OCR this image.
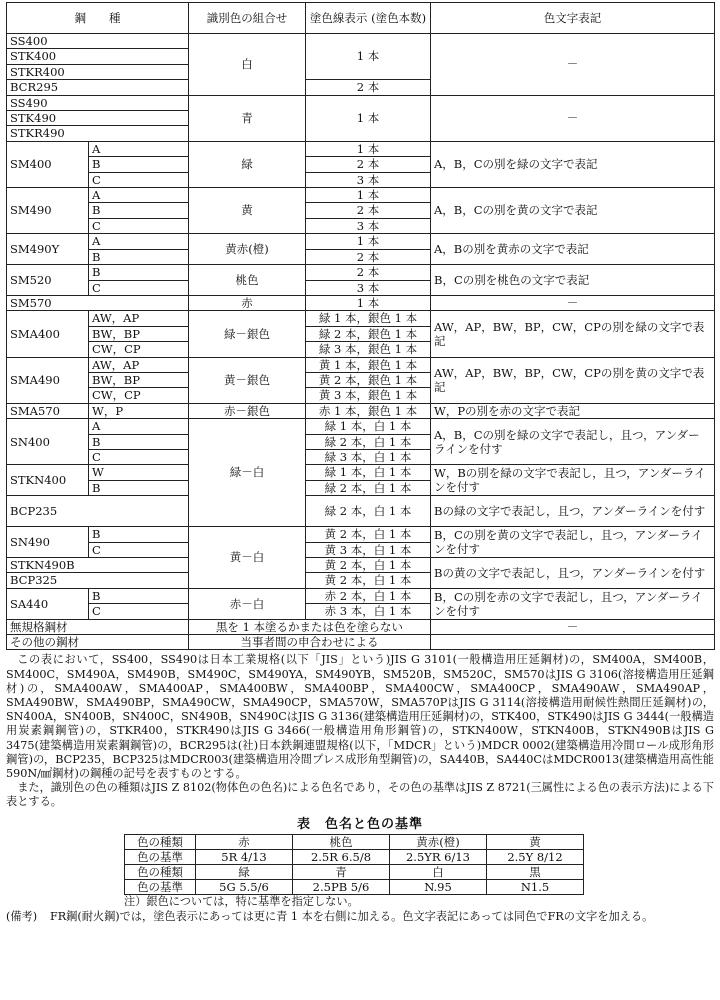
鋼　　種		識別色の組合せ	塗色線表示 (塗色本数)	色文字表記
SS400		白	1 本	－
STK400				
STKR400				
BCR295			2 本	
SS490		青	1 本	－
STK490				
STKR490				
SM400	A	緑	1 本	A，B，Cの別を緑の文字で表記
	B		2 本	
	C		3 本	
SM490	A	黄	1 本	A，B，Cの別を黄の文字で表記
	B		2 本	
	C		3 本	
SM490Y	A	黄赤(橙)	1 本	A，Bの別を黄赤の文字で表記
	B		2 本	
SM520	B	桃色	2 本	B，Cの別を桃色の文字で表記
	C		3 本	
SM570		赤	1 本	－
SMA400	AW，AP	緑－銀色	緑 1 本，銀色 1 本	AW，AP，BW，BP，CW，CPの別を緑の文字で表記
	BW，BP		緑 2 本，銀色 1 本	
	CW，CP		緑 3 本，銀色 1 本	
SMA490	AW，AP	黄－銀色	黄 1 本，銀色 1 本	AW，AP，BW，BP，CW，CPの別を黄の文字で表記
	BW，BP		黄 2 本，銀色 1 本	
	CW，CP		黄 3 本，銀色 1 本	
SMA570	W，P	赤－銀色	赤 1 本，銀色 1 本	W，Pの別を赤の文字で表記
SN400	A	緑－白	緑 1 本，白 1 本	A，B，Cの別を緑の文字で表記し，且つ，アンダーラインを付す
	B		緑 2 本，白 1 本	
	C		緑 3 本，白 1 本	
STKN400	W		緑 1 本，白 1 本	W，Bの別を緑の文字で表記し，且つ，アンダーラインを付す
	B		緑 2 本，白 1 本	
BCP235			緑 2 本，白 1 本	Bの緑の文字で表記し，且つ，アンダーラインを付す
SN490	B	黄－白	黄 2 本，白 1 本	B，Cの別を黄の文字で表記し，且つ，アンダーラインを付す
	C		黄 3 本，白 1 本	
STKN490B			黄 2 本，白 1 本	Bの黄の文字で表記し，且つ，アンダーラインを付す
BCP325			黄 2 本，白 1 本	
SA440	B	赤－白	赤 2 本，白 1 本	B，Cの別を赤の文字で表記し，且つ，アンダーラインを付す
	C		赤 3 本，白 1 本	
無規格鋼材		黒を 1 本塗るかまたは色を塗らない		－
その他の鋼材		当事者間の申合わせによる		

この表において，SS400，SS490は日本工業規格(以下「JIS」という)JIS G 3101(一般構造用圧延鋼材)の，SM400A，SM400B，SM400C，SM490A，SM490B，SM490C，SM490YA，SM490YB，SM520B，SM520C，SM570はJIS G 3106(溶接構造用圧延鋼材)の，SMA400AW，SMA400AP，SMA400BW，SMA400BP，SMA400CW，SMA400CP，SMA490AW，SMA490AP，SMA490BW，SMA490BP，SMA490CW，SMA490CP，SMA570W，SMA570PはJIS G 3114(溶接構造用耐候性熱間圧延鋼材)の，SN400A，SN400B，SN400C，SN490B，SN490CはJIS G 3136(建築構造用圧延鋼材)の，STK400，STK490はJIS G 3444(一般構造用炭素鋼鋼管)の，STKR400，STKR490はJIS G 3466(一般構造用角形鋼管)の，STKN400W，STKN400B，STKN490BはJIS G 3475(建築構造用炭素鋼鋼管)の，BCR295は(社)日本鉄鋼連盟規格(以下，「MDCR」という)MDCR 0002(建築構造用冷間ロール成形角形鋼管)の，BCP235，BCP325はMDCR003(建築構造用冷間プレス成形角型鋼管)の，SA440B，SA440CはMDCR0013(建築構造用高性能590N/㎟鋼材)の鋼種の記号を表すものとする。

また，識別色の色の種類はJIS Z 8102(物体色の色名)による色名であり，その色の基準はJIS Z 8721(三属性による色の表示方法)による下表とする。

表　色名と色の基準
色の種類	赤	桃色	黄赤(橙)	黄
色の基準	5R 4/13	2.5R 6.5/8	2.5YR 6/13	2.5Y 8/12
色の種類	緑	青	白	黒
色の基準	5G 5.5/6	2.5PB 5/6	N.95	N1.5
注）銀色については，特に基準を指定しない。
(備考) FR鋼(耐火鋼)では，塗色表示にあっては更に青 1 本を右側に加える。色文字表記にあっては同色でFRの文字を加える。
